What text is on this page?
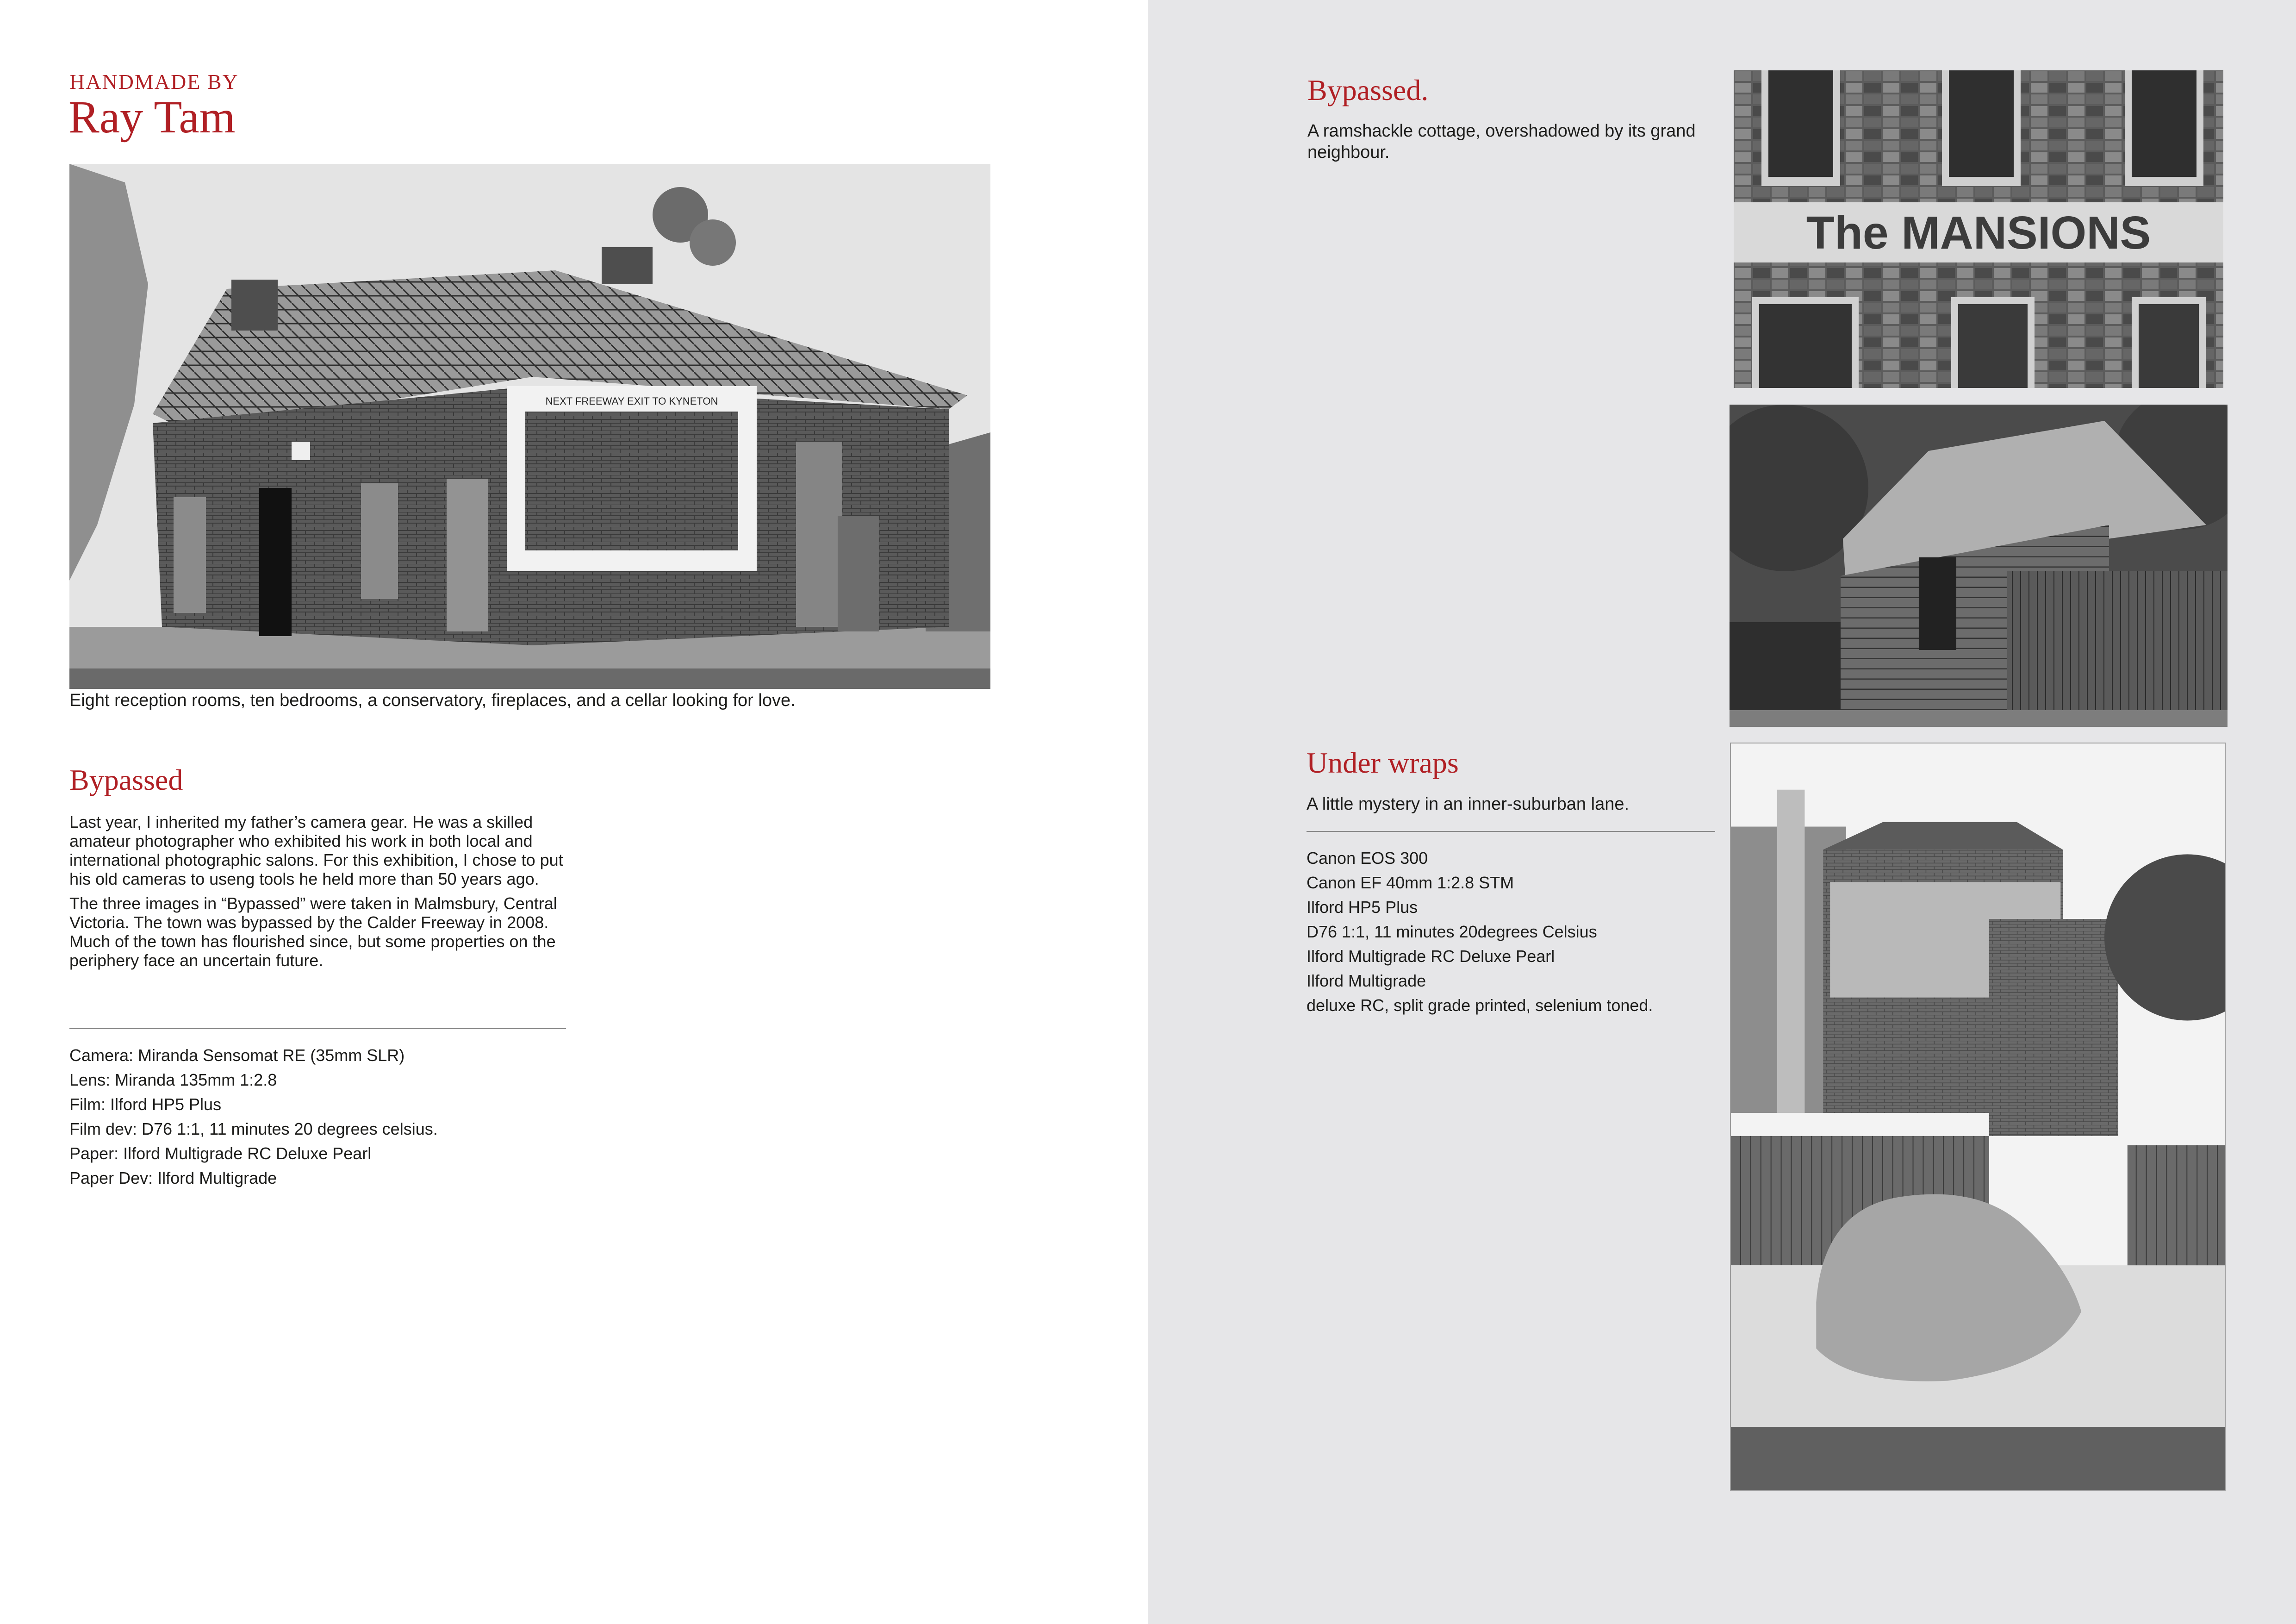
HANDMADE BY
Ray Tam
NEXT FREEWAY EXIT TO KYNETON
Eight reception rooms, ten bedrooms, a conservatory, fireplaces, and a cellar looking for love.
Bypassed

Last year, I inherited my father’s camera gear. He was a skilled amateur photographer who exhibited his work in both local and international photographic salons. For this exhibition, I chose to put his old cameras to useng tools he held more than 50 years ago.

The three images in “Bypassed” were taken in Malmsbury, Central Victoria. The town was bypassed by the Calder Freeway in 2008. Much of the town has flourished since, but some properties on the periphery face an uncertain future.

Camera: Miranda Sensomat RE (35mm SLR)
Lens: Miranda 135mm 1:2.8
Film: Ilford HP5 Plus
Film dev: D76 1:1, 11 minutes 20 degrees celsius.
Paper: Ilford Multigrade RC Deluxe Pearl
Paper Dev: Ilford Multigrade
Bypassed.
A ramshackle cottage, overshadowed by its grand neighbour.
The MANSIONS
Under wraps
A little mystery in an inner-suburban lane.
Canon EOS 300
Canon EF 40mm 1:2.8 STM
Ilford HP5 Plus
D76 1:1, 11 minutes 20degrees Celsius
Ilford Multigrade RC Deluxe Pearl
Ilford Multigrade
deluxe RC, split grade printed, selenium toned.
